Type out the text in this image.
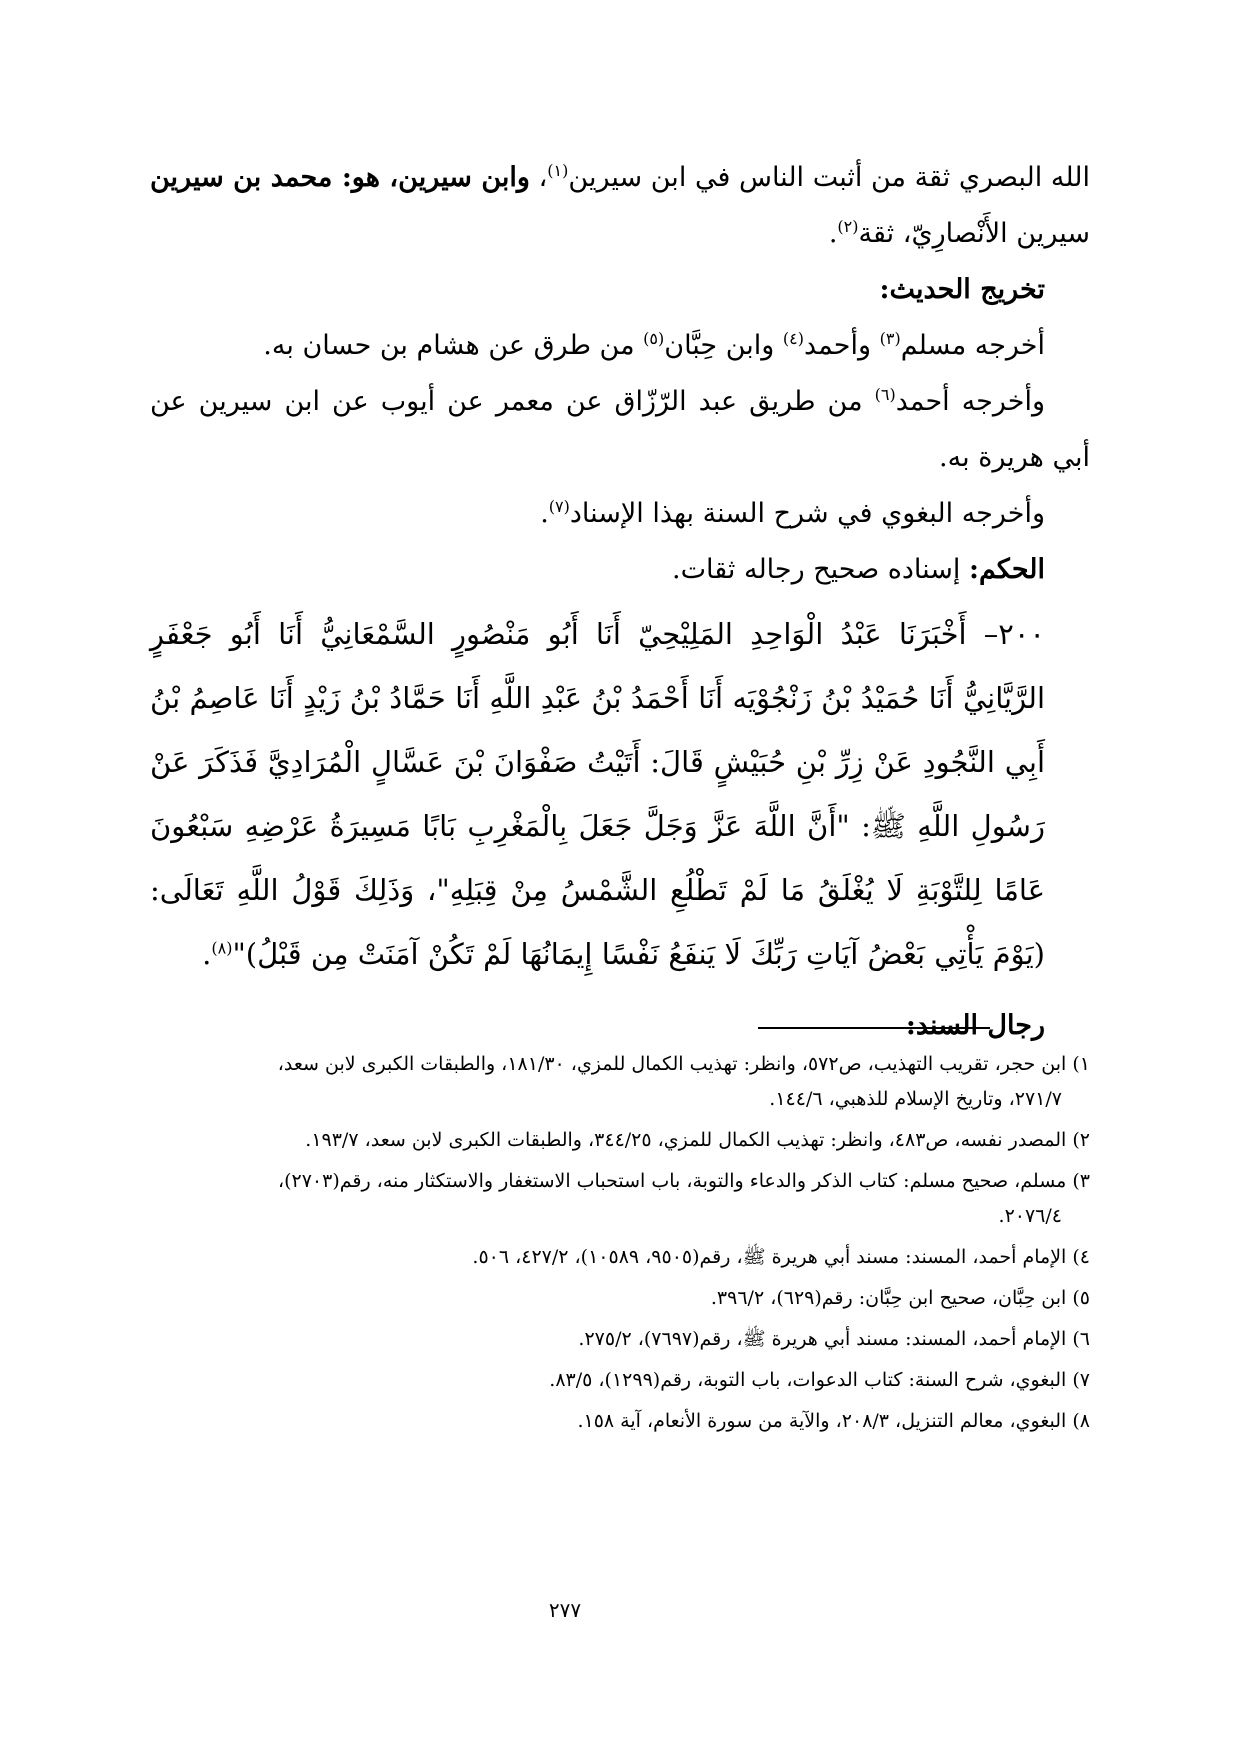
الله البصري ثقة من أثبت الناس في ابن سيرين$^{(١)}$، وابن سيرين، هو: محمد بن سيرين سيرين الأَنْصارِيّ، ثقة$^{(٢)}$.

تخريج الحديث:

أخرجه مسلم$^{(٣)}$ وأحمد$^{(٤)}$ وابن حِبَّان$^{(٥)}$ من طرق عن هشام بن حسان به.

وأخرجه أحمد$^{(٦)}$ من طريق عبد الرّزّاق عن معمر عن أيوب عن ابن سيرين عن أبي هريرة به.

وأخرجه البغوي في شرح السنة بهذا الإسناد$^{(٧)}$.

الحكم: إسناده صحيح رجاله ثقات.

٢٠٠– أَخْبَرَنَا عَبْدُ الْوَاحِدِ المَلِيْحِيّ أَنَا أَبُو مَنْصُورٍ السَّمْعَانِيُّ أَنَا أَبُو جَعْفَرٍ الرَّيَّانِيُّ أَنَا حُمَيْدُ بْنُ زَنْجُوْيَه أَنَا أَحْمَدُ بْنُ عَبْدِ اللَّهِ أَنَا حَمَّادُ بْنُ زَيْدٍ أَنَا عَاصِمُ بْنُ أَبِي النَّجُودِ عَنْ زِرِّ بْنِ حُبَيْشٍ قَالَ: أَتَيْتُ صَفْوَانَ بْنَ عَسَّالٍ الْمُرَادِيَّ فَذَكَرَ عَنْ رَسُولِ اللَّهِ ﷺ: "أَنَّ اللَّهَ عَزَّ وَجَلَّ جَعَلَ بِالْمَغْرِبِ بَابًا مَسِيرَةُ عَرْضِهِ سَبْعُونَ عَامًا لِلتَّوْبَةِ لَا يُغْلَقُ مَا لَمْ تَطْلُعِ الشَّمْسُ مِنْ قِبَلِهِ"، وَذَلِكَ قَوْلُ اللَّهِ تَعَالَى: (يَوْمَ يَأْتِي بَعْضُ آيَاتِ رَبِّكَ لَا يَنفَعُ نَفْسًا إِيمَانُهَا لَمْ تَكُنْ آمَنَتْ مِن قَبْلُ)"$^{(٨)}$.

رجال السند:

١) ابن حجر، تقريب التهذيب، ص٥٧٢، وانظر: تهذيب الكمال للمزي، ١٨١/٣٠، والطبقات الكبرى لابن سعد،
٢٧١/٧، وتاريخ الإسلام للذهبي، ١٤٤/٦.

٢) المصدر نفسه، ص٤٨٣، وانظر: تهذيب الكمال للمزي، ٣٤٤/٢٥، والطبقات الكبرى لابن سعد، ١٩٣/٧.

٣) مسلم، صحيح مسلم: كتاب الذكر والدعاء والتوبة، باب استحباب الاستغفار والاستكثار منه، رقم(٢٧٠٣)،
٢٠٧٦/٤.

٤) الإمام أحمد، المسند: مسند أبي هريرة ﷺ، رقم(٩٥٠٥، ١٠٥٨٩)، ٤٢٧/٢، ٥٠٦.

٥) ابن حِبَّان، صحيح ابن حِبَّان: رقم(٦٢٩)، ٣٩٦/٢.

٦) الإمام أحمد، المسند: مسند أبي هريرة ﷺ، رقم(٧٦٩٧)، ٢٧٥/٢.

٧) البغوي، شرح السنة: كتاب الدعوات، باب التوبة، رقم(١٢٩٩)، ٨٣/٥.

٨) البغوي، معالم التنزيل، ٢٠٨/٣، والآية من سورة الأنعام، آية ١٥٨.

٢٧٧
